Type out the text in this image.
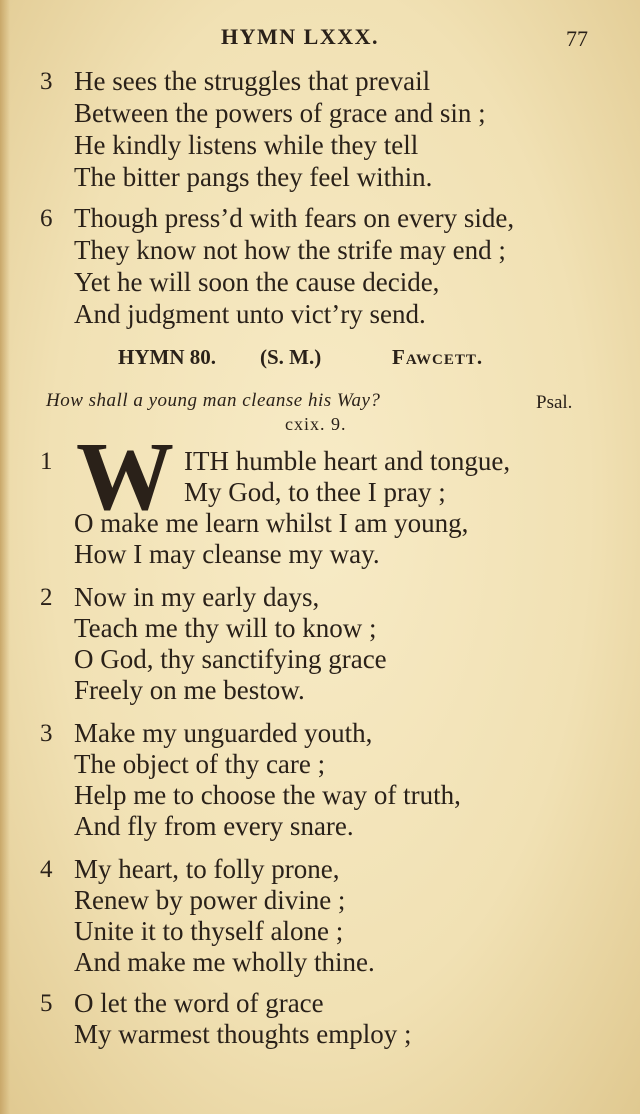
HYMN LXXX.	77
3 He sees the struggles that prevail
Between the powers of grace and sin ;
He kindly listens while they tell
The bitter pangs they feel within.
6 Though press’d with fears on every side,
They know not how the strife may end ;
Yet he will soon the cause decide,
And judgment unto vict’ry send.
HYMN 80. (S. M.)	Fawcett.
How shall a young man cleanse his Way?	Psal.
cxix. 9.
W
1	ITH humble heart and tongue,
My God, to thee I pray ;
O make me learn whilst I am young,
How I may cleanse my way.
2 Now in my early days,
Teach me thy will to know ;
O God, thy sanctifying grace
Freely on me bestow.
3 Make my unguarded youth,
The object of thy care ;
Help me to choose the way of truth,
And fly from every snare.
4 My heart, to folly prone,
Renew by power divine ;
Unite it to thyself alone ;
And make me wholly thine.
5 O let the word of grace
My warmest thoughts employ ;
